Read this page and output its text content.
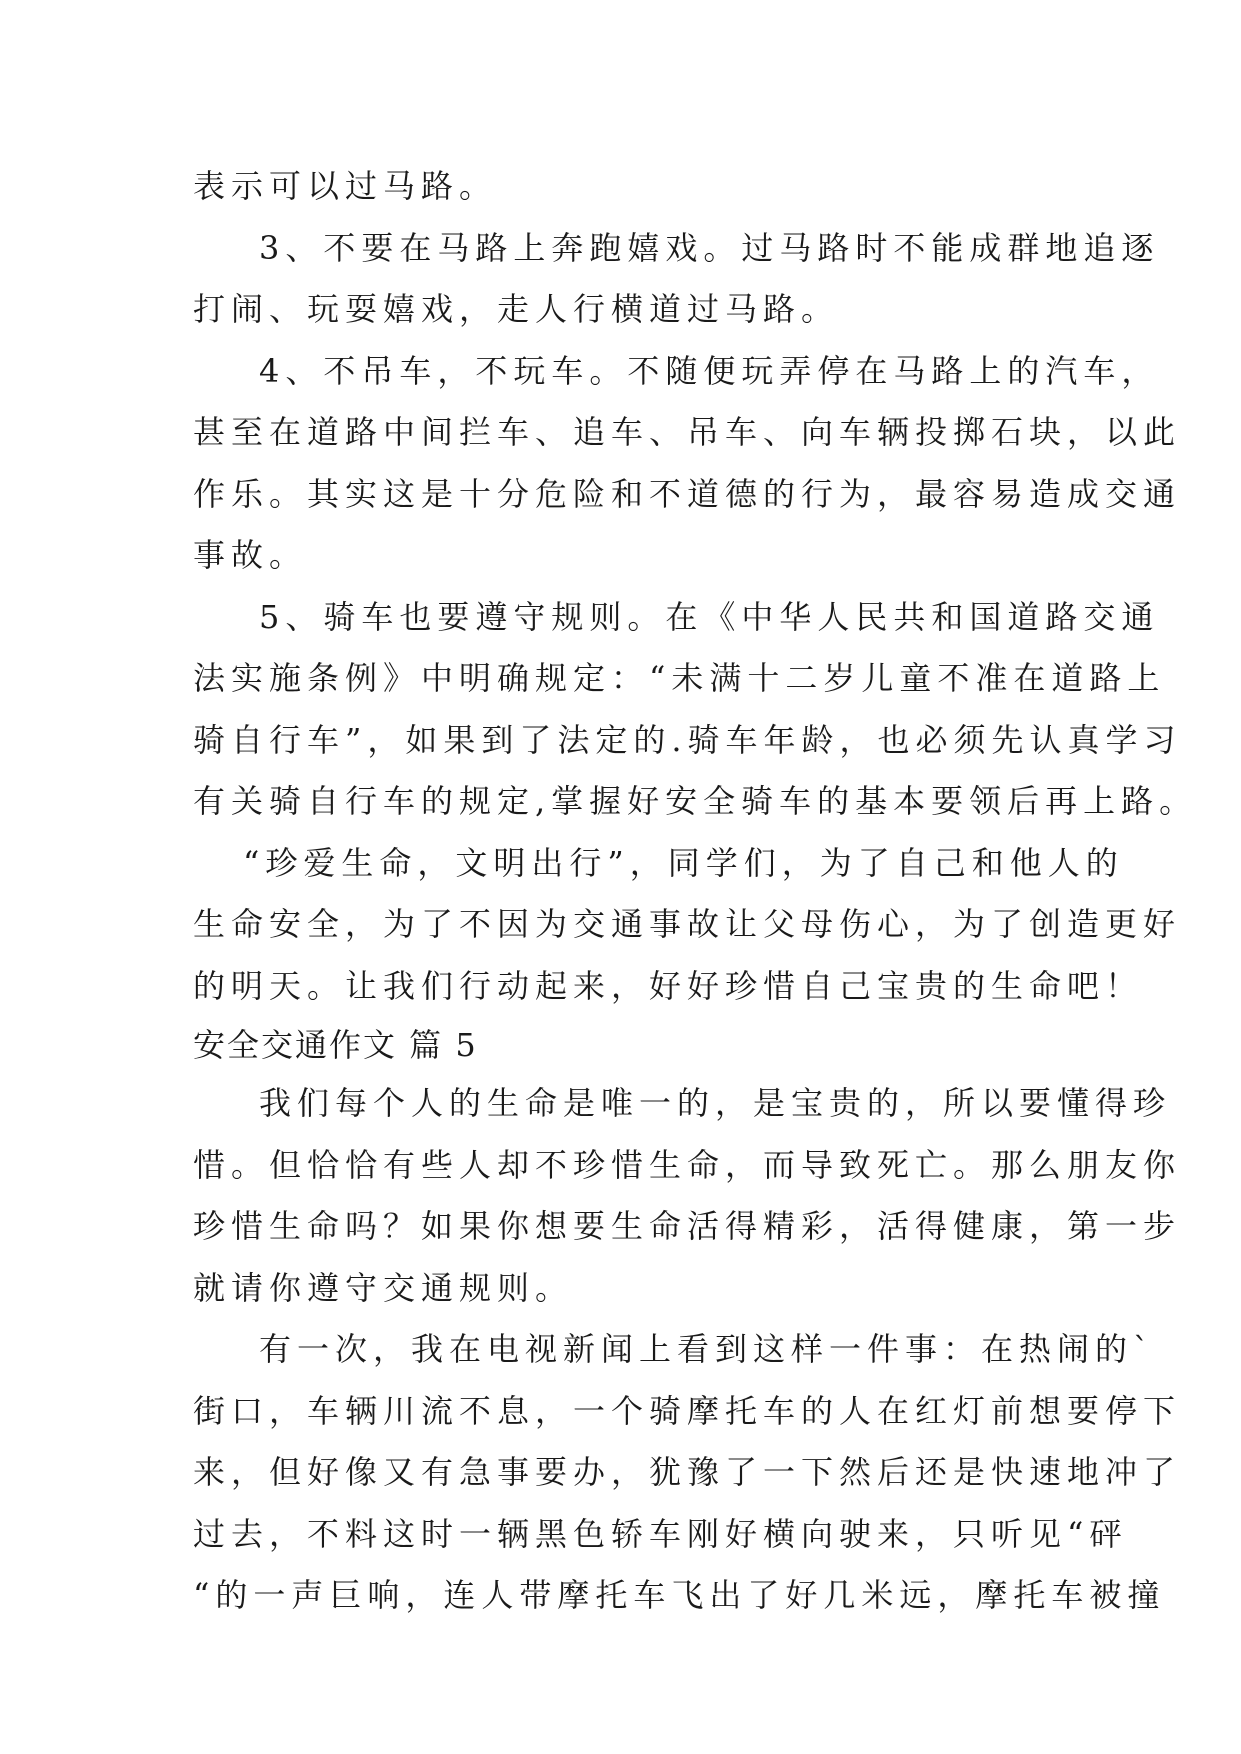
表示可以过马路。
3、不要在马路上奔跑嬉戏。过马路时不能成群地追逐
打闹、玩耍嬉戏，走人行横道过马路。
4、不吊车，不玩车。不随便玩弄停在马路上的汽车，
甚至在道路中间拦车、追车、吊车、向车辆投掷石块，以此
作乐。其实这是十分危险和不道德的行为，最容易造成交通
事故。
5、骑车也要遵守规则。在《中华人民共和国道路交通
法实施条例》中明确规定：“未满十二岁儿童不准在道路上
骑自行车”，如果到了法定的.骑车年龄，也必须先认真学习
有关骑自行车的规定,掌握好安全骑车的基本要领后再上路。
“珍爱生命，文明出行”，同学们，为了自己和他人的
生命安全，为了不因为交通事故让父母伤心，为了创造更好
的明天。让我们行动起来，好好珍惜自己宝贵的生命吧！
安全交通作文 篇 5
我们每个人的生命是唯一的，是宝贵的，所以要懂得珍
惜。但恰恰有些人却不珍惜生命，而导致死亡。那么朋友你
珍惜生命吗？如果你想要生命活得精彩，活得健康，第一步
就请你遵守交通规则。
有一次，我在电视新闻上看到这样一件事：在热闹的`
街口，车辆川流不息，一个骑摩托车的人在红灯前想要停下
来，但好像又有急事要办，犹豫了一下然后还是快速地冲了
过去，不料这时一辆黑色轿车刚好横向驶来，只听见“砰
“的一声巨响，连人带摩托车飞出了好几米远，摩托车被撞
